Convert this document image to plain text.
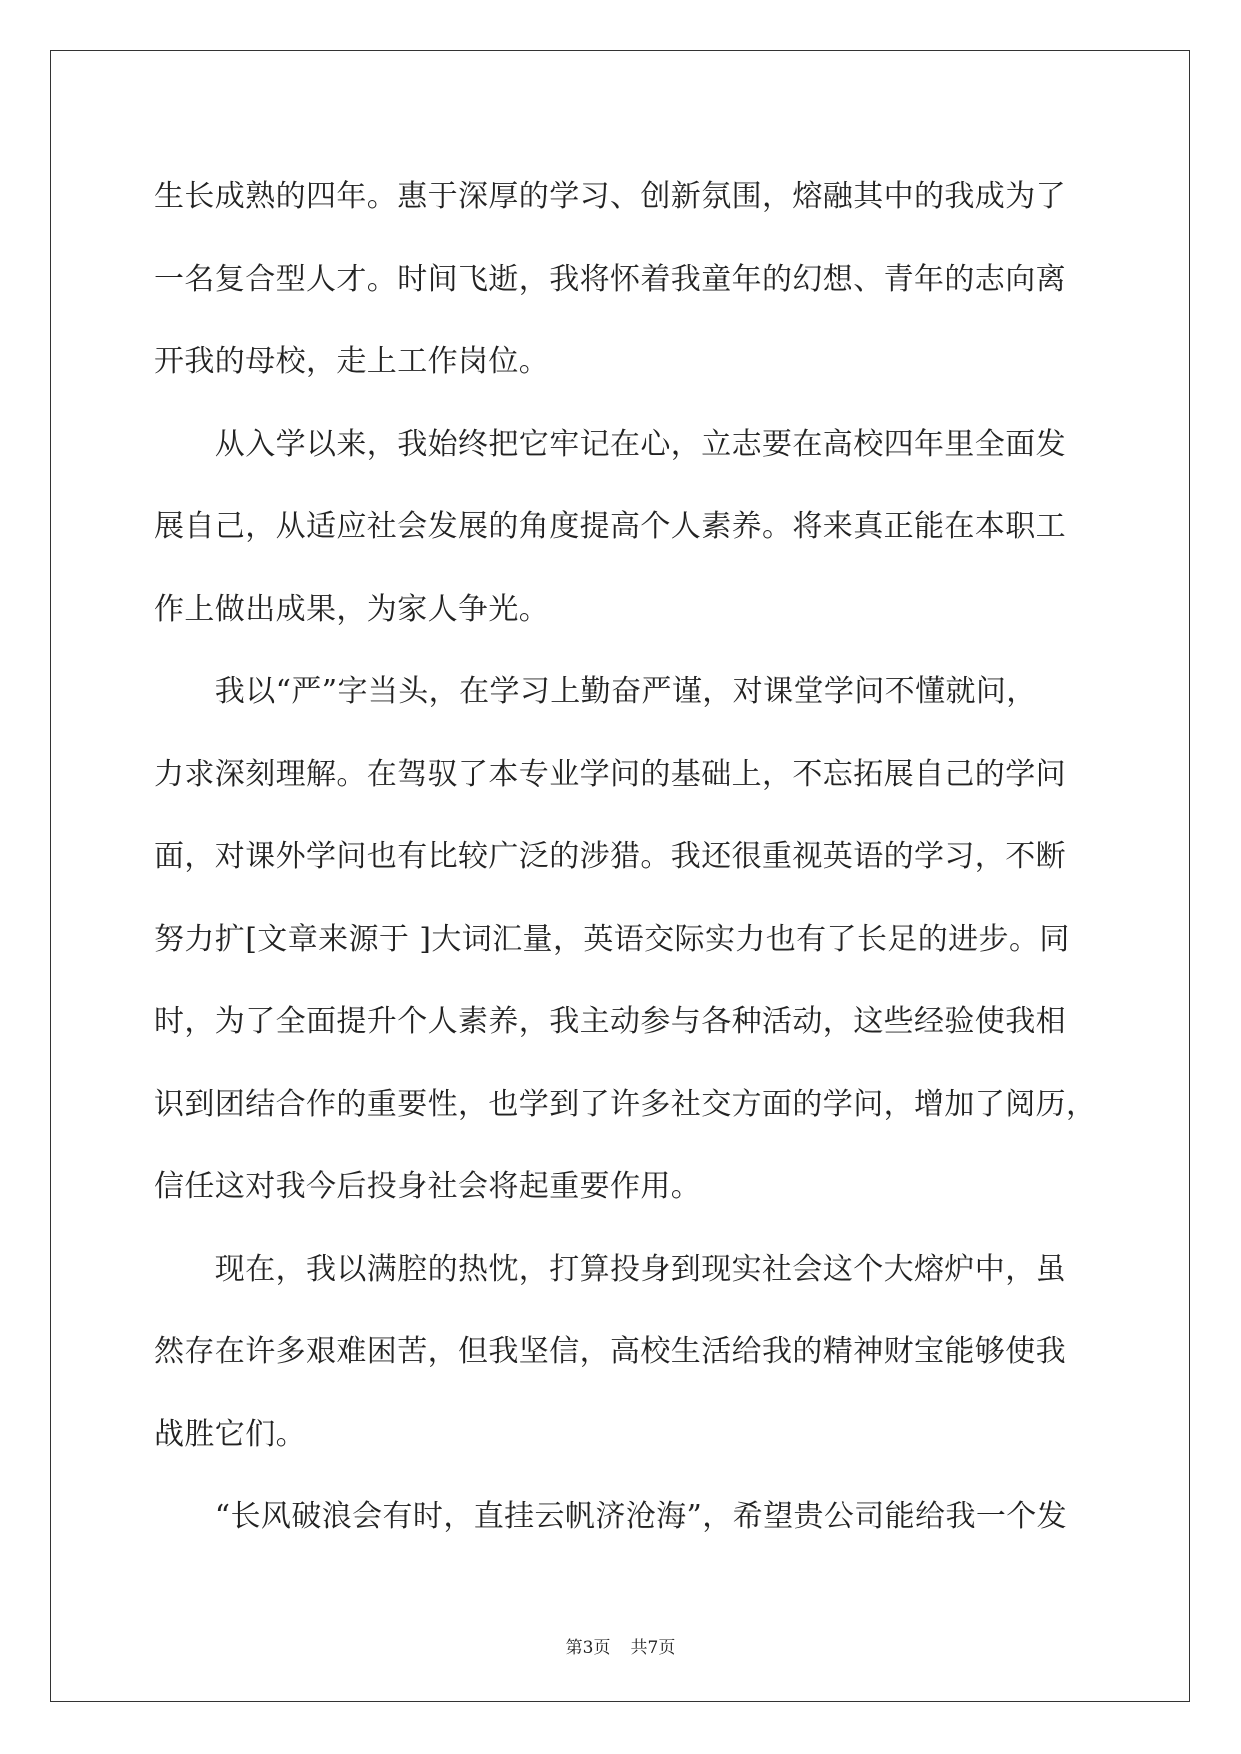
生长成熟的四年。惠于深厚的学习、创新氛围，熔融其中的我成为了
一名复合型人才。时间飞逝，我将怀着我童年的幻想、青年的志向离
开我的母校，走上工作岗位。
　　从入学以来，我始终把它牢记在心，立志要在高校四年里全面发
展自己，从适应社会发展的角度提高个人素养。将来真正能在本职工
作上做出成果，为家人争光。
　　我以“严”字当头，在学习上勤奋严谨，对课堂学问不懂就问，
力求深刻理解。在驾驭了本专业学问的基础上，不忘拓展自己的学问
面，对课外学问也有比较广泛的涉猎。我还很重视英语的学习，不断
努力扩[文章来源于 ]大词汇量，英语交际实力也有了长足的进步。同
时，为了全面提升个人素养，我主动参与各种活动，这些经验使我相
识到团结合作的重要性，也学到了许多社交方面的学问，增加了阅历，
信任这对我今后投身社会将起重要作用。
　　现在，我以满腔的热忱，打算投身到现实社会这个大熔炉中，虽
然存在许多艰难困苦，但我坚信，高校生活给我的精神财宝能够使我
战胜它们。
　　“长风破浪会有时，直挂云帆济沧海”，希望贵公司能给我一个发
第3页 共7页
